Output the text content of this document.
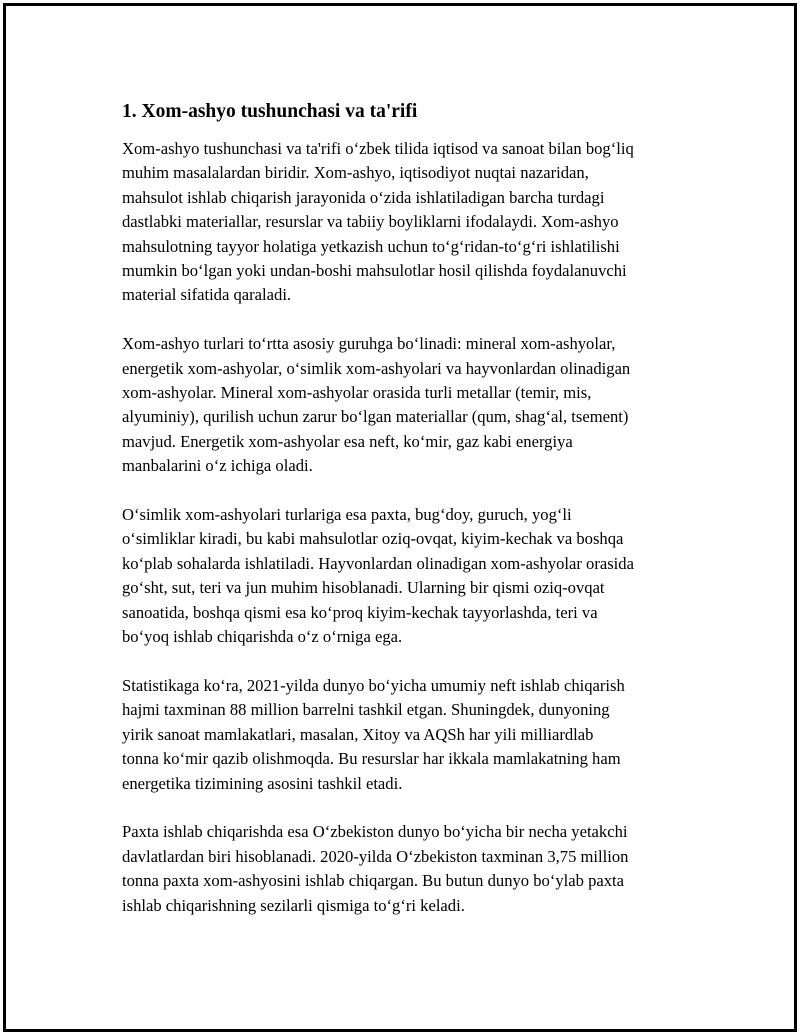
1. Xom-ashyo tushunchasi va ta'rifi

Xom-ashyo tushunchasi va ta'rifi oʻzbek tilida iqtisod va sanoat bilan bogʻliq
muhim masalalardan biridir. Xom-ashyo, iqtisodiyot nuqtai nazaridan,
mahsulot ishlab chiqarish jarayonida oʻzida ishlatiladigan barcha turdagi
dastlabki materiallar, resurslar va tabiiy boyliklarni ifodalaydi. Xom-ashyo
mahsulotning tayyor holatiga yetkazish uchun toʻgʻridan-toʻgʻri ishlatilishi
mumkin boʻlgan yoki undan-boshi mahsulotlar hosil qilishda foydalanuvchi
material sifatida qaraladi.

Xom-ashyo turlari toʻrtta asosiy guruhga boʻlinadi: mineral xom-ashyolar,
energetik xom-ashyolar, oʻsimlik xom-ashyolari va hayvonlardan olinadigan
xom-ashyolar. Mineral xom-ashyolar orasida turli metallar (temir, mis,
alyuminiy), qurilish uchun zarur boʻlgan materiallar (qum, shagʻal, tsement)
mavjud. Energetik xom-ashyolar esa neft, koʻmir, gaz kabi energiya
manbalarini oʻz ichiga oladi.

Oʻsimlik xom-ashyolari turlariga esa paxta, bugʻdoy, guruch, yogʻli
oʻsimliklar kiradi, bu kabi mahsulotlar oziq-ovqat, kiyim-kechak va boshqa
koʻplab sohalarda ishlatiladi. Hayvonlardan olinadigan xom-ashyolar orasida
goʻsht, sut, teri va jun muhim hisoblanadi. Ularning bir qismi oziq-ovqat
sanoatida, boshqa qismi esa koʻproq kiyim-kechak tayyorlashda, teri va
boʻyoq ishlab chiqarishda oʻz oʻrniga ega.

Statistikaga koʻra, 2021-yilda dunyo boʻyicha umumiy neft ishlab chiqarish
hajmi taxminan 88 million barrelni tashkil etgan. Shuningdek, dunyoning
yirik sanoat mamlakatlari, masalan, Xitoy va AQSh har yili milliardlab
tonna koʻmir qazib olishmoqda. Bu resurslar har ikkala mamlakatning ham
energetika tizimining asosini tashkil etadi.

Paxta ishlab chiqarishda esa Oʻzbekiston dunyo boʻyicha bir necha yetakchi
davlatlardan biri hisoblanadi. 2020-yilda Oʻzbekiston taxminan 3,75 million
tonna paxta xom-ashyosini ishlab chiqargan. Bu butun dunyo boʻylab paxta
ishlab chiqarishning sezilarli qismiga toʻgʻri keladi.
